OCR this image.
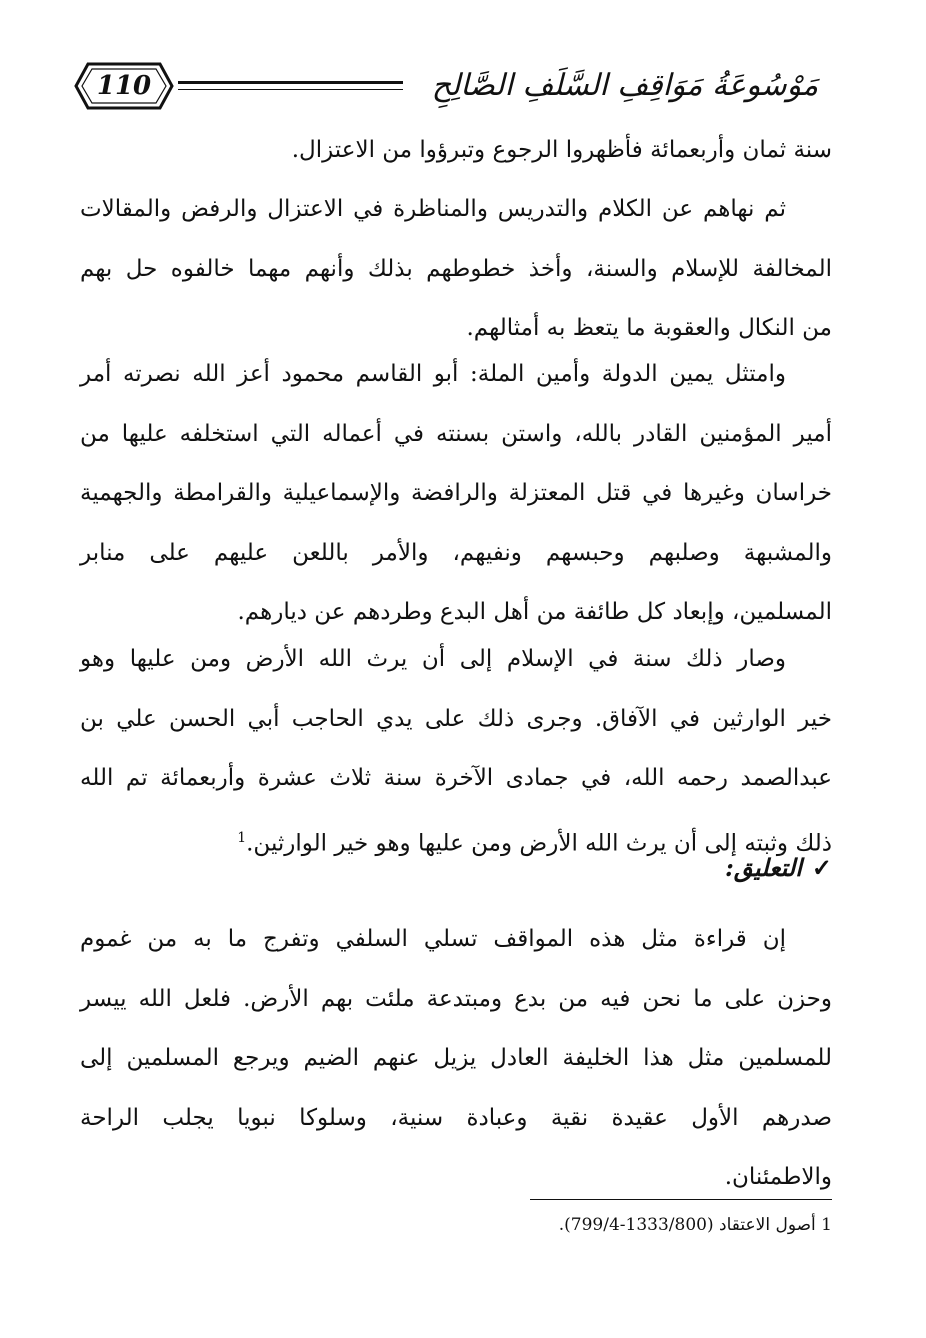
110	مَوْسُوعَةُ مَوَاقِفِ السَّلَفِ الصَّالِحِ
سنة ثمان وأربعمائة فأظهروا الرجوع وتبرؤوا من الاعتزال.
ثم نهاهم عن الكلام والتدريس والمناظرة في الاعتزال والرفض والمقالات
المخالفة للإسلام والسنة، وأخذ خطوطهم بذلك وأنهم مهما خالفوه حل بهم
من النكال والعقوبة ما يتعظ به أمثالهم.
وامتثل يمين الدولة وأمين الملة: أبو القاسم محمود أعز الله نصرته أمر
أمير المؤمنين القادر بالله، واستن بسنته في أعماله التي استخلفه عليها من
خراسان وغيرها في قتل المعتزلة والرافضة والإسماعيلية والقرامطة والجهمية
والمشبهة وصلبهم وحبسهم ونفيهم، والأمر باللعن عليهم على منابر
المسلمين، وإبعاد كل طائفة من أهل البدع وطردهم عن ديارهم.
وصار ذلك سنة في الإسلام إلى أن يرث الله الأرض ومن عليها وهو
خير الوارثين في الآفاق. وجرى ذلك على يدي الحاجب أبي الحسن علي بن
عبدالصمد رحمه الله، في جمادى الآخرة سنة ثلاث عشرة وأربعمائة تم الله
ذلك وثبته إلى أن يرث الله الأرض ومن عليها وهو خير الوارثين.$^1$
✓التعليق:
إن قراءة مثل هذه المواقف تسلي السلفي وتفرج ما به من غموم
وحزن على ما نحن فيه من بدع ومبتدعة ملئت بهم الأرض. فلعل الله ييسر
للمسلمين مثل هذا الخليفة العادل يزيل عنهم الضيم ويرجع المسلمين إلى
صدرهم الأول عقيدة نقية وعبادة سنية، وسلوكا نبويا يجلب الراحة
والاطمئنان.
1 أصول الاعتقاد (1333/800-799/4).
